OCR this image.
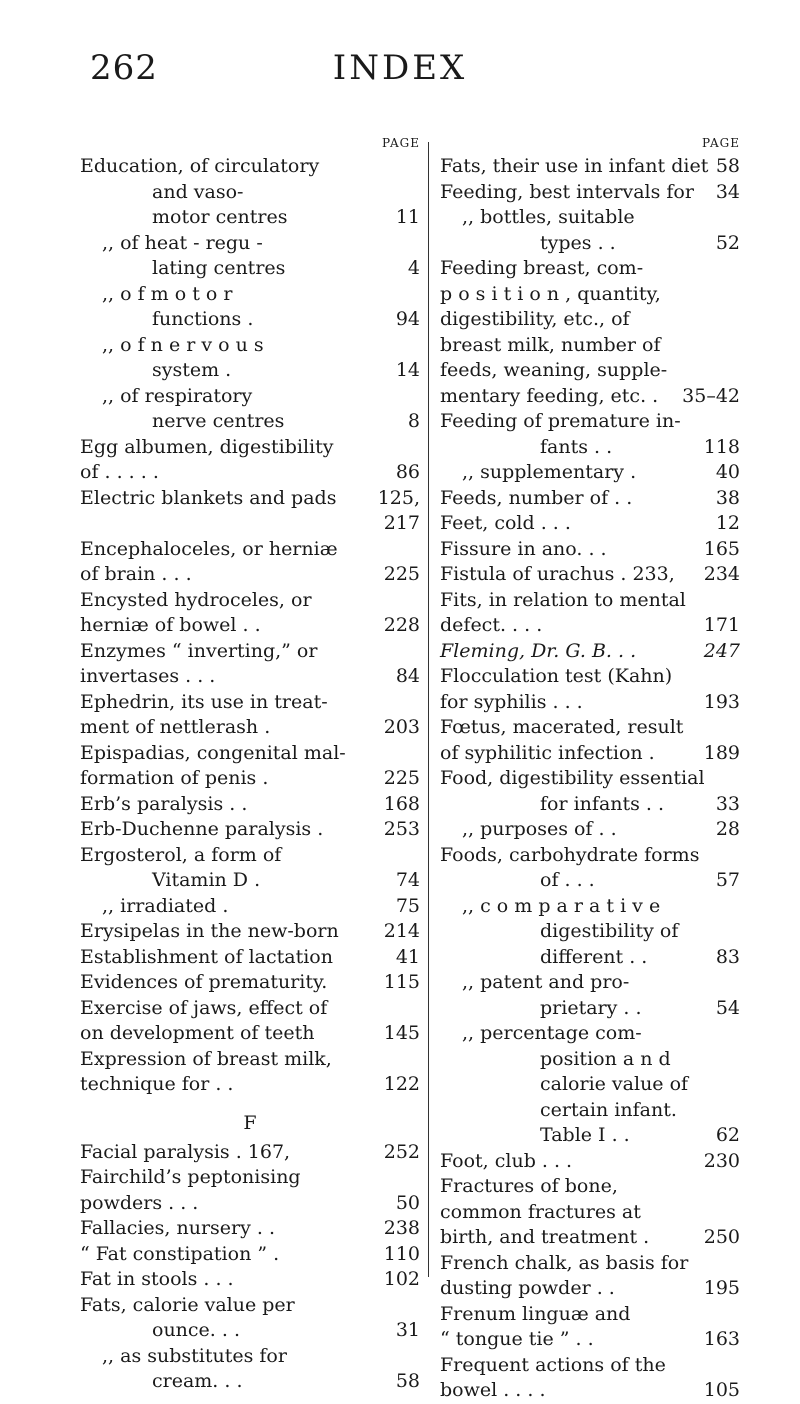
262	INDEX
PAGE
Education, of circulatory
and vaso-
motor centres	11
,, of heat - regu -
lating centres	4
,, o f m o t o r
functions .	94
,, o f n e r v o u s
system .	14
,, of respiratory
nerve centres	8
Egg albumen, digestibility
of . . . . .	86
Electric blankets and pads 125,

217
Encephaloceles, or herniæ
of brain . . .	225
Encysted hydroceles, or
herniæ of bowel . .	228
Enzymes “ inverting,” or
invertases . . .	84
Ephedrin, its use in treat-
ment of nettlerash .	203
Epispadias, congenital mal-
formation of penis .	225
Erb’s paralysis . .	168
Erb-Duchenne paralysis .	253
Ergosterol, a form of
Vitamin D .	74
,, irradiated .	75
Erysipelas in the new-born 214
Establishment of lactation	41
Evidences of prematurity.	115
Exercise of jaws, effect of
on development of teeth	145
Expression of breast milk,
technique for . .	122
F
Facial paralysis . 167,	252
Fairchild’s peptonising
powders . . .	50
Fallacies, nursery . .	238
“ Fat constipation ” .	110
Fat in stools . . .	102
Fats, calorie value per
ounce. . .	31
,, as substitutes for
cream. . .	58
PAGE
Fats, their use in infant diet 58
Feeding, best intervals for 34
,, bottles, suitable
types . .	52
Feeding breast, com-
p o s i t i o n , quantity,
digestibility, etc., of
breast milk, number of
feeds, weaning, supple-
mentary feeding, etc. . 35–42
Feeding of premature in-
fants . .	118
,, supplementary .	40
Feeds, number of . .	38
Feet, cold . . .	12
Fissure in ano. . .	165
Fistula of urachus . 233, 234
Fits, in relation to mental
defect. . . .	171
Fleming, Dr. G. B. . .	247
Flocculation test (Kahn)
for syphilis . . .	193
Fœtus, macerated, result
of syphilitic infection .	189
Food, digestibility essential
for infants . .	33
,, purposes of . .	28
Foods, carbohydrate forms
of . . .	57
,, c o m p a r a t i v e
digestibility of
different . .	83
,, patent and pro-
prietary . .	54
,, percentage com-
position a n d
calorie value of
certain infant.
Table I . .	62
Foot, club . . .	230
Fractures of bone,
common fractures at
birth, and treatment .	250
French chalk, as basis for
dusting powder . .	195
Frenum linguæ and
“ tongue tie ” . .	163
Frequent actions of the
bowel . . . .	105
